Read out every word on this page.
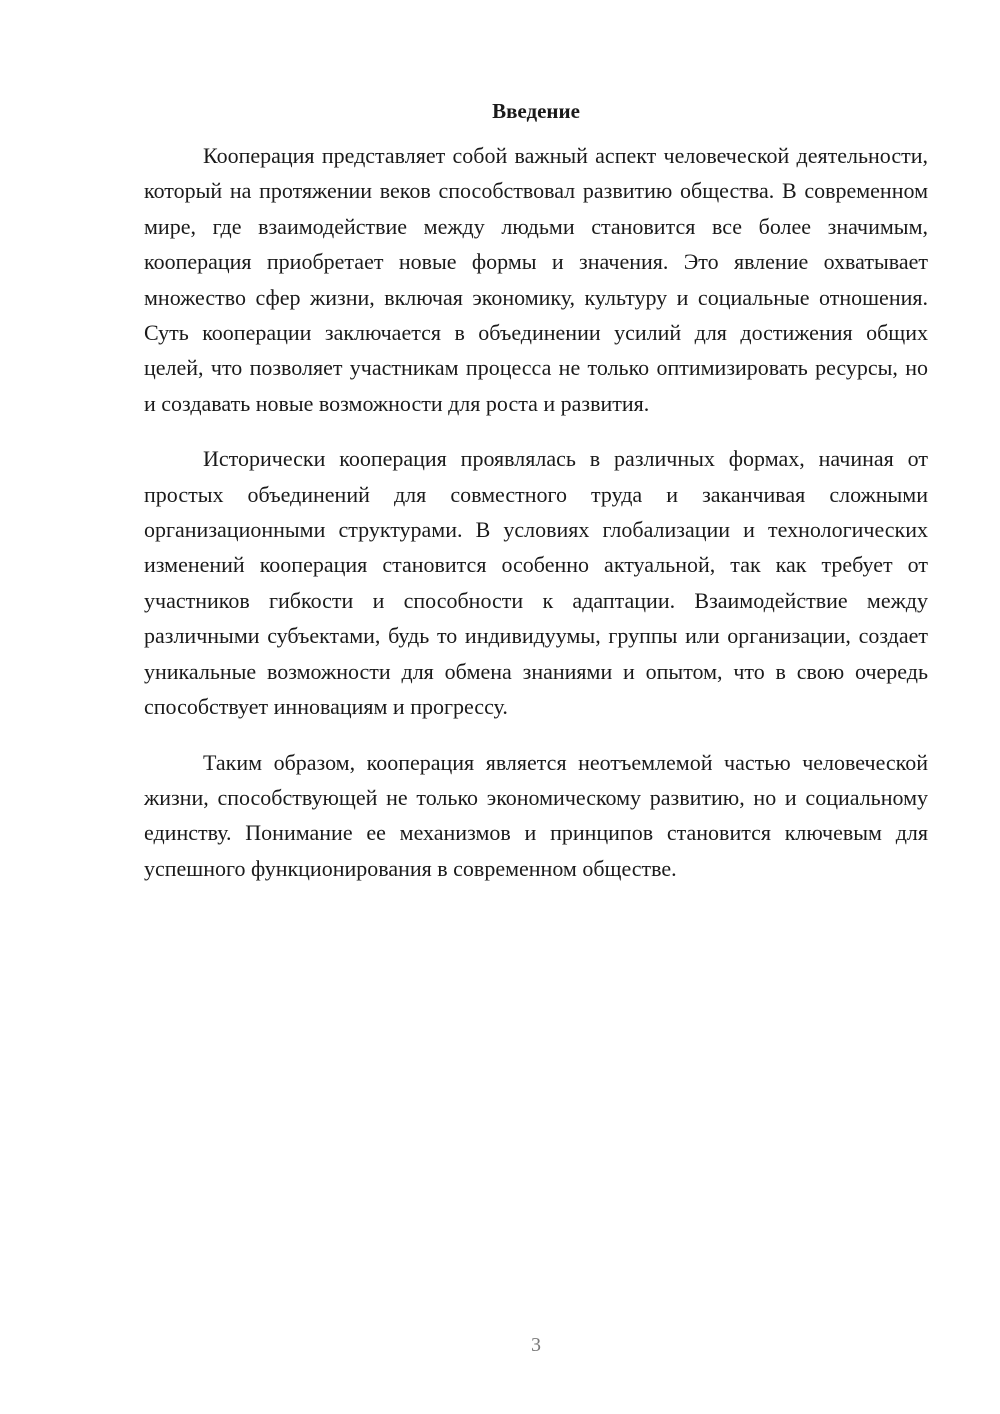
Введение

Кооперация представляет собой важный аспект человеческой деятельности, который на протяжении веков способствовал развитию общества. В современном мире, где взаимодействие между людьми становится все более значимым, кооперация приобретает новые формы и значения. Это явление охватывает множество сфер жизни, включая экономику, культуру и социальные отношения. Суть кооперации заключается в объединении усилий для достижения общих целей, что позволяет участникам процесса не только оптимизировать ресурсы, но и создавать новые возможности для роста и развития.

Исторически кооперация проявлялась в различных формах, начиная от простых объединений для совместного труда и заканчивая сложными организационными структурами. В условиях глобализации и технологических изменений кооперация становится особенно актуальной, так как требует от участников гибкости и способности к адаптации. Взаимодействие между различными субъектами, будь то индивидуумы, группы или организации, создает уникальные возможности для обмена знаниями и опытом, что в свою очередь способствует инновациям и прогрессу.

Таким образом, кооперация является неотъемлемой частью человеческой жизни, способствующей не только экономическому развитию, но и социальному единству. Понимание ее механизмов и принципов становится ключевым для успешного функционирования в современном обществе.

3
